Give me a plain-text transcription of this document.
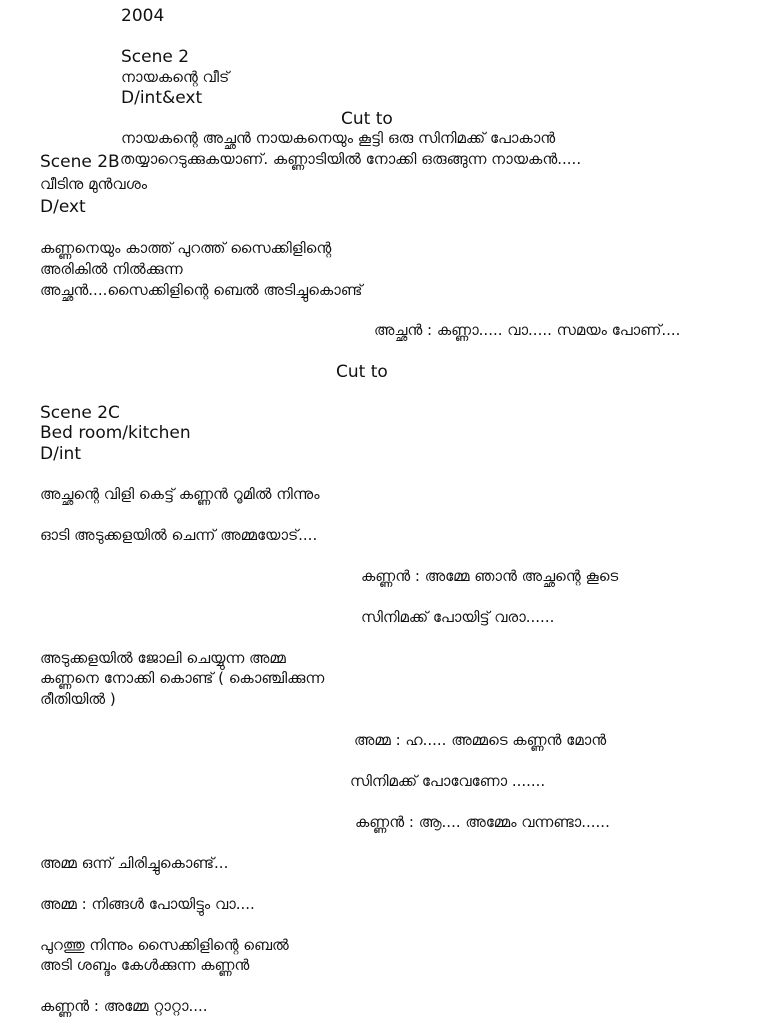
2004
Scene 2
നായകന്റെ വീട്
D/int&ext
Cut to
നായകന്റെ അച്ഛൻ നായകനെയും കൂട്ടി ഒരു സിനിമക്ക് പോകാൻ
Scene 2B തയ്യാറെടുക്കുകയാണ്. കണ്ണാടിയിൽ നോക്കി ഒരുങ്ങുന്ന നായകൻ.....
വീടിനു മുൻവശം
D/ext
കണ്ണനെയും കാത്ത് പുറത്ത് സൈക്കിളിന്റെ
അരികിൽ നിൽക്കുന്ന
അച്ഛൻ....സൈക്കിളിന്റെ ബെൽ അടിച്ചുകൊണ്ട്
അച്ഛൻ : കണ്ണാ..... വാ..... സമയം പോണ്....
Cut to
Scene 2C
Bed room/kitchen
D/int
അച്ഛന്റെ വിളി കെട്ട് കണ്ണൻ റൂമിൽ നിന്നും
ഓടി അടുക്കളയിൽ ചെന്ന് അമ്മയോട്....
കണ്ണൻ : അമ്മേ ഞാൻ അച്ഛന്റെ കൂടെ
സിനിമക്ക് പോയിട്ട് വരാ......
അടുക്കളയിൽ ജോലി ചെയ്യുന്ന അമ്മ
കണ്ണനെ നോക്കി കൊണ്ട് ( കൊഞ്ചിക്കുന്ന
രീതിയിൽ )
അമ്മ : ഹ..... അമ്മടെ കണ്ണൻ മോൻ
സിനിമക്ക് പോവേണോ .......
കണ്ണൻ : ആ.... അമ്മേം വന്നണ്ടാ......
അമ്മ ഒന്ന് ചിരിച്ചുകൊണ്ട്...
അമ്മ : നിങ്ങൾ പോയിട്ടും വാ....
പുറത്തു നിന്നും സൈക്കിളിന്റെ ബെൽ
അടി ശബ്ദം കേൾക്കുന്ന കണ്ണൻ
കണ്ണൻ : അമ്മേ റ്റാറ്റാ....
